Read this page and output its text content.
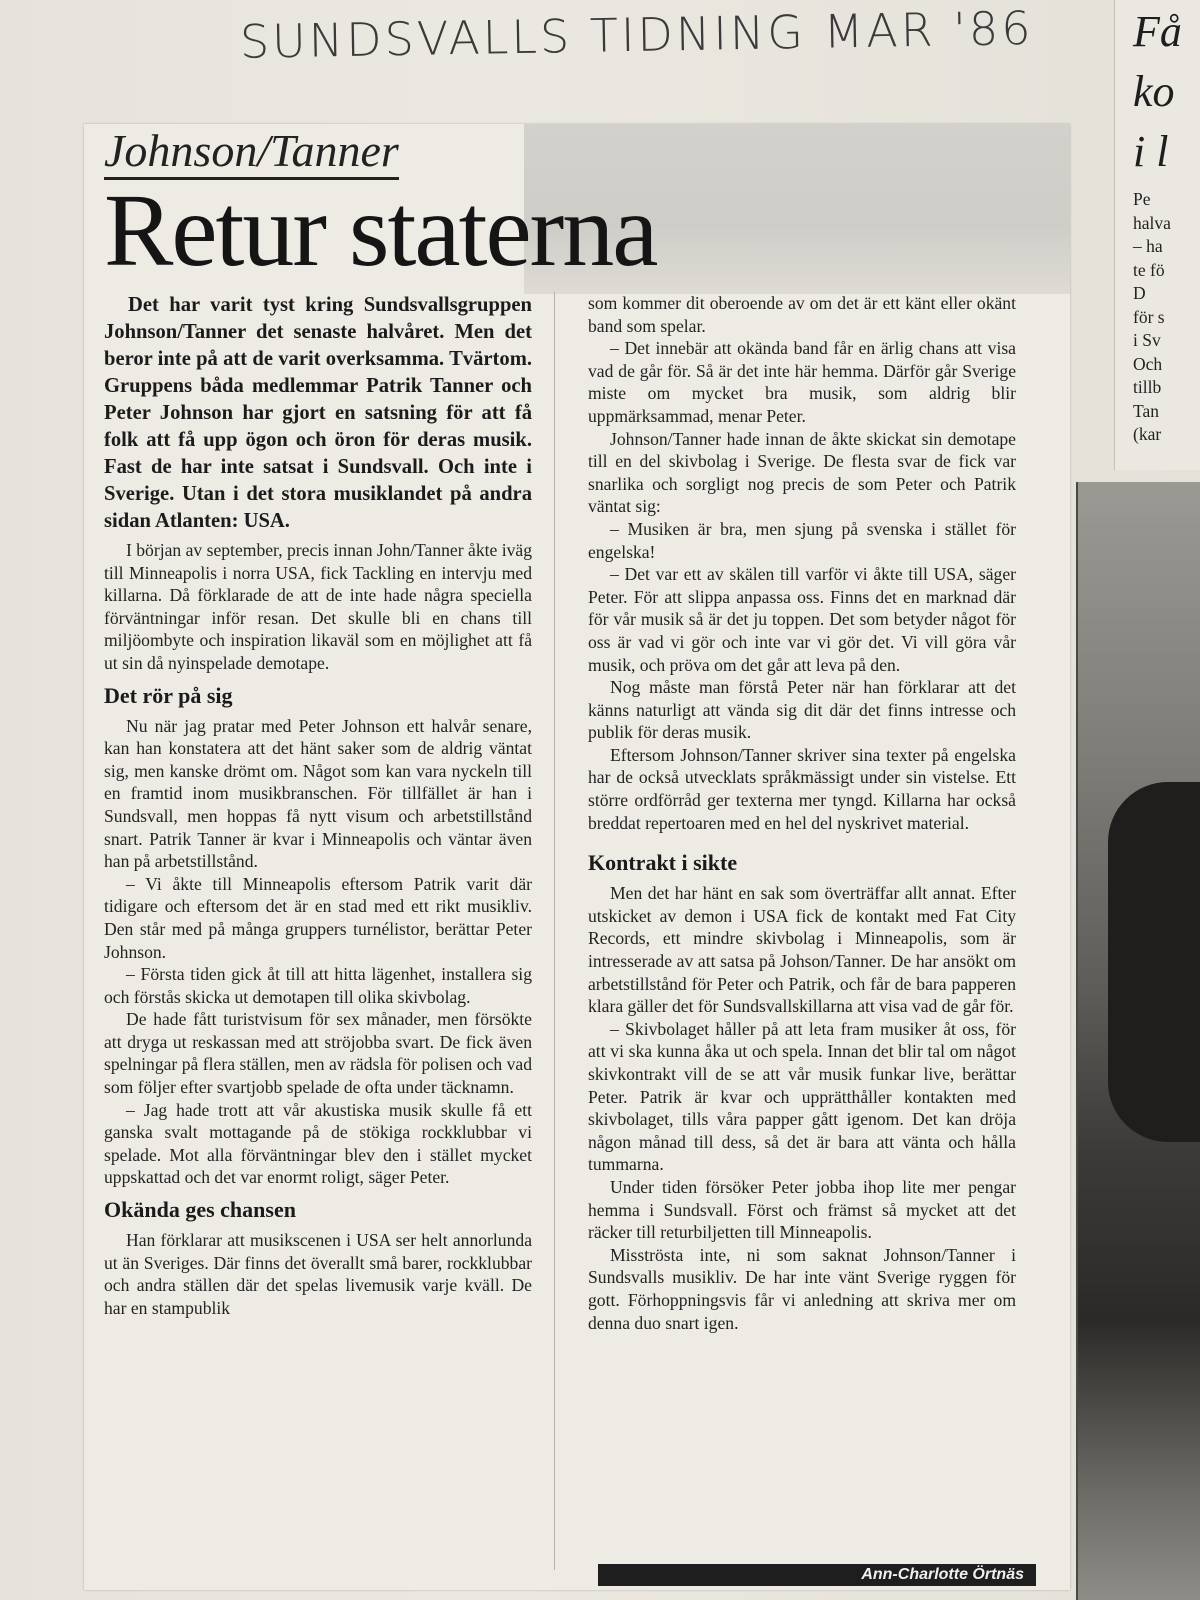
SUNDSVALLS TIDNING MAR '86
Johnson/Tanner
Retur staterna

Det har varit tyst kring Sundsvallsgruppen Johnson/Tanner det senaste halvåret. Men det beror inte på att de varit overksamma. Tvärtom. Gruppens båda medlemmar Patrik Tanner och Peter Johnson har gjort en satsning för att få folk att få upp ögon och öron för deras musik. Fast de har inte satsat i Sundsvall. Och inte i Sverige. Utan i det stora musiklandet på andra sidan Atlanten: USA.

I början av september, precis innan John/Tanner åkte iväg till Minneapolis i norra USA, fick Tackling en intervju med killarna. Då förklarade de att de inte hade några speciella förväntningar inför resan. Det skulle bli en chans till miljöombyte och inspiration likaväl som en möjlighet att få ut sin då nyinspelade demotape.

Det rör på sig

Nu när jag pratar med Peter Johnson ett halvår senare, kan han konstatera att det hänt saker som de aldrig väntat sig, men kanske drömt om. Något som kan vara nyckeln till en framtid inom musikbranschen. För tillfället är han i Sundsvall, men hoppas få nytt visum och arbetstillstånd snart. Patrik Tanner är kvar i Minneapolis och väntar även han på arbetstillstånd.

– Vi åkte till Minneapolis eftersom Patrik varit där tidigare och eftersom det är en stad med ett rikt musikliv. Den står med på många gruppers turnélistor, berättar Peter Johnson.

– Första tiden gick åt till att hitta lägenhet, installera sig och förstås skicka ut demotapen till olika skivbolag.

De hade fått turistvisum för sex månader, men försökte att dryga ut reskassan med att ströjobba svart. De fick även spelningar på flera ställen, men av rädsla för polisen och vad som följer efter svartjobb spelade de ofta under täcknamn.

– Jag hade trott att vår akustiska musik skulle få ett ganska svalt mottagande på de stökiga rockklubbar vi spelade. Mot alla förväntningar blev den i stället mycket uppskattad och det var enormt roligt, säger Peter.

Okända ges chansen

Han förklarar att musikscenen i USA ser helt annorlunda ut än Sveriges. Där finns det överallt små barer, rockklubbar och andra ställen där det spelas livemusik varje kväll. De har en stampublik

som kommer dit oberoende av om det är ett känt eller okänt band som spelar.

– Det innebär att okända band får en ärlig chans att visa vad de går för. Så är det inte här hemma. Därför går Sverige miste om mycket bra musik, som aldrig blir uppmärksammad, menar Peter.

Johnson/Tanner hade innan de åkte skickat sin demotape till en del skivbolag i Sverige. De flesta svar de fick var snarlika och sorgligt nog precis de som Peter och Patrik väntat sig:

– Musiken är bra, men sjung på svenska i stället för engelska!

– Det var ett av skälen till varför vi åkte till USA, säger Peter. För att slippa anpassa oss. Finns det en marknad där för vår musik så är det ju toppen. Det som betyder något för oss är vad vi gör och inte var vi gör det. Vi vill göra vår musik, och pröva om det går att leva på den.

Nog måste man förstå Peter när han förklarar att det känns naturligt att vända sig dit där det finns intresse och publik för deras musik.

Eftersom Johnson/Tanner skriver sina texter på engelska har de också utvecklats språkmässigt under sin vistelse. Ett större ordförråd ger texterna mer tyngd. Killarna har också breddat repertoaren med en hel del nyskrivet material.

Kontrakt i sikte

Men det har hänt en sak som överträffar allt annat. Efter utskicket av demon i USA fick de kontakt med Fat City Records, ett mindre skivbolag i Minneapolis, som är intresserade av att satsa på Johson/Tanner. De har ansökt om arbetstillstånd för Peter och Patrik, och får de bara papperen klara gäller det för Sundsvallskillarna att visa vad de går för.

– Skivbolaget håller på att leta fram musiker åt oss, för att vi ska kunna åka ut och spela. Innan det blir tal om något skivkontrakt vill de se att vår musik funkar live, berättar Peter. Patrik är kvar och upprätthåller kontakten med skivbolaget, tills våra papper gått igenom. Det kan dröja någon månad till dess, så det är bara att vänta och hålla tummarna.

Under tiden försöker Peter jobba ihop lite mer pengar hemma i Sundsvall. Först och främst så mycket att det räcker till returbiljetten till Minneapolis.

Misströsta inte, ni som saknat Johnson/Tanner i Sundsvalls musikliv. De har inte vänt Sverige ryggen för gott. Förhoppningsvis får vi anledning att skriva mer om denna duo snart igen.

Ann-Charlotte Örtnäs
Få
ko
i l
Pe
halva
– ha
te fö
D
för s
i Sv
Och
tillb
Tan
(kar
